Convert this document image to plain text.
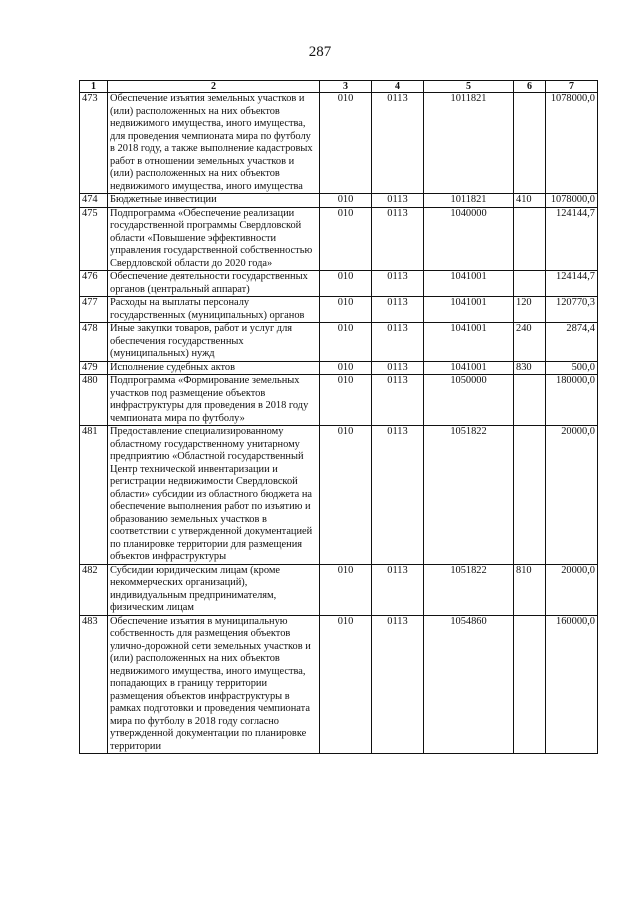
287
1	2	3	4	5	6	7
473	Обеспечение изъятия земельных участков и (или) расположенных на них объектов недвижимого имущества, иного имущества, для проведения чемпионата мира по футболу в 2018 году, а также выполнение кадастровых работ в отношении земельных участков и (или) расположенных на них объектов недвижимого имущества, иного имущества	010	0113	1011821		1078000,0
474	Бюджетные инвестиции	010	0113	1011821	410	1078000,0
475	Подпрограмма «Обеспечение реализации государственной программы Свердловской области «Повышение эффективности управления государственной собственностью Свердловской области до 2020 года»	010	0113	1040000		124144,7
476	Обеспечение деятельности государственных органов (центральный аппарат)	010	0113	1041001		124144,7
477	Расходы на выплаты персоналу государственных (муниципальных) органов	010	0113	1041001	120	120770,3
478	Иные закупки товаров, работ и услуг для обеспечения государственных (муниципальных) нужд	010	0113	1041001	240	2874,4
479	Исполнение судебных актов	010	0113	1041001	830	500,0
480	Подпрограмма «Формирование земельных участков под размещение объектов инфраструктуры для проведения в 2018 году чемпионата мира по футболу»	010	0113	1050000		180000,0
481	Предоставление специализированному областному государственному унитарному предприятию «Областной государственный Центр технической инвентаризации и регистрации недвижимости Свердловской области» субсидии из областного бюджета на обеспечение выполнения работ по изъятию и образованию земельных участков в соответствии с утвержденной документацией по планировке территории для размещения объектов инфраструктуры	010	0113	1051822		20000,0
482	Субсидии юридическим лицам (кроме некоммерческих организаций), индивидуальным предпринимателям, физическим лицам	010	0113	1051822	810	20000,0
483	Обеспечение изъятия в муниципальную собственность для размещения объектов улично-дорожной сети земельных участков и (или) расположенных на них объектов недвижимого имущества, иного имущества, попадающих в границу территории размещения объектов инфраструктуры в рамках подготовки и проведения чемпионата мира по футболу в 2018 году согласно утвержденной документации по планировке территории	010	0113	1054860		160000,0
